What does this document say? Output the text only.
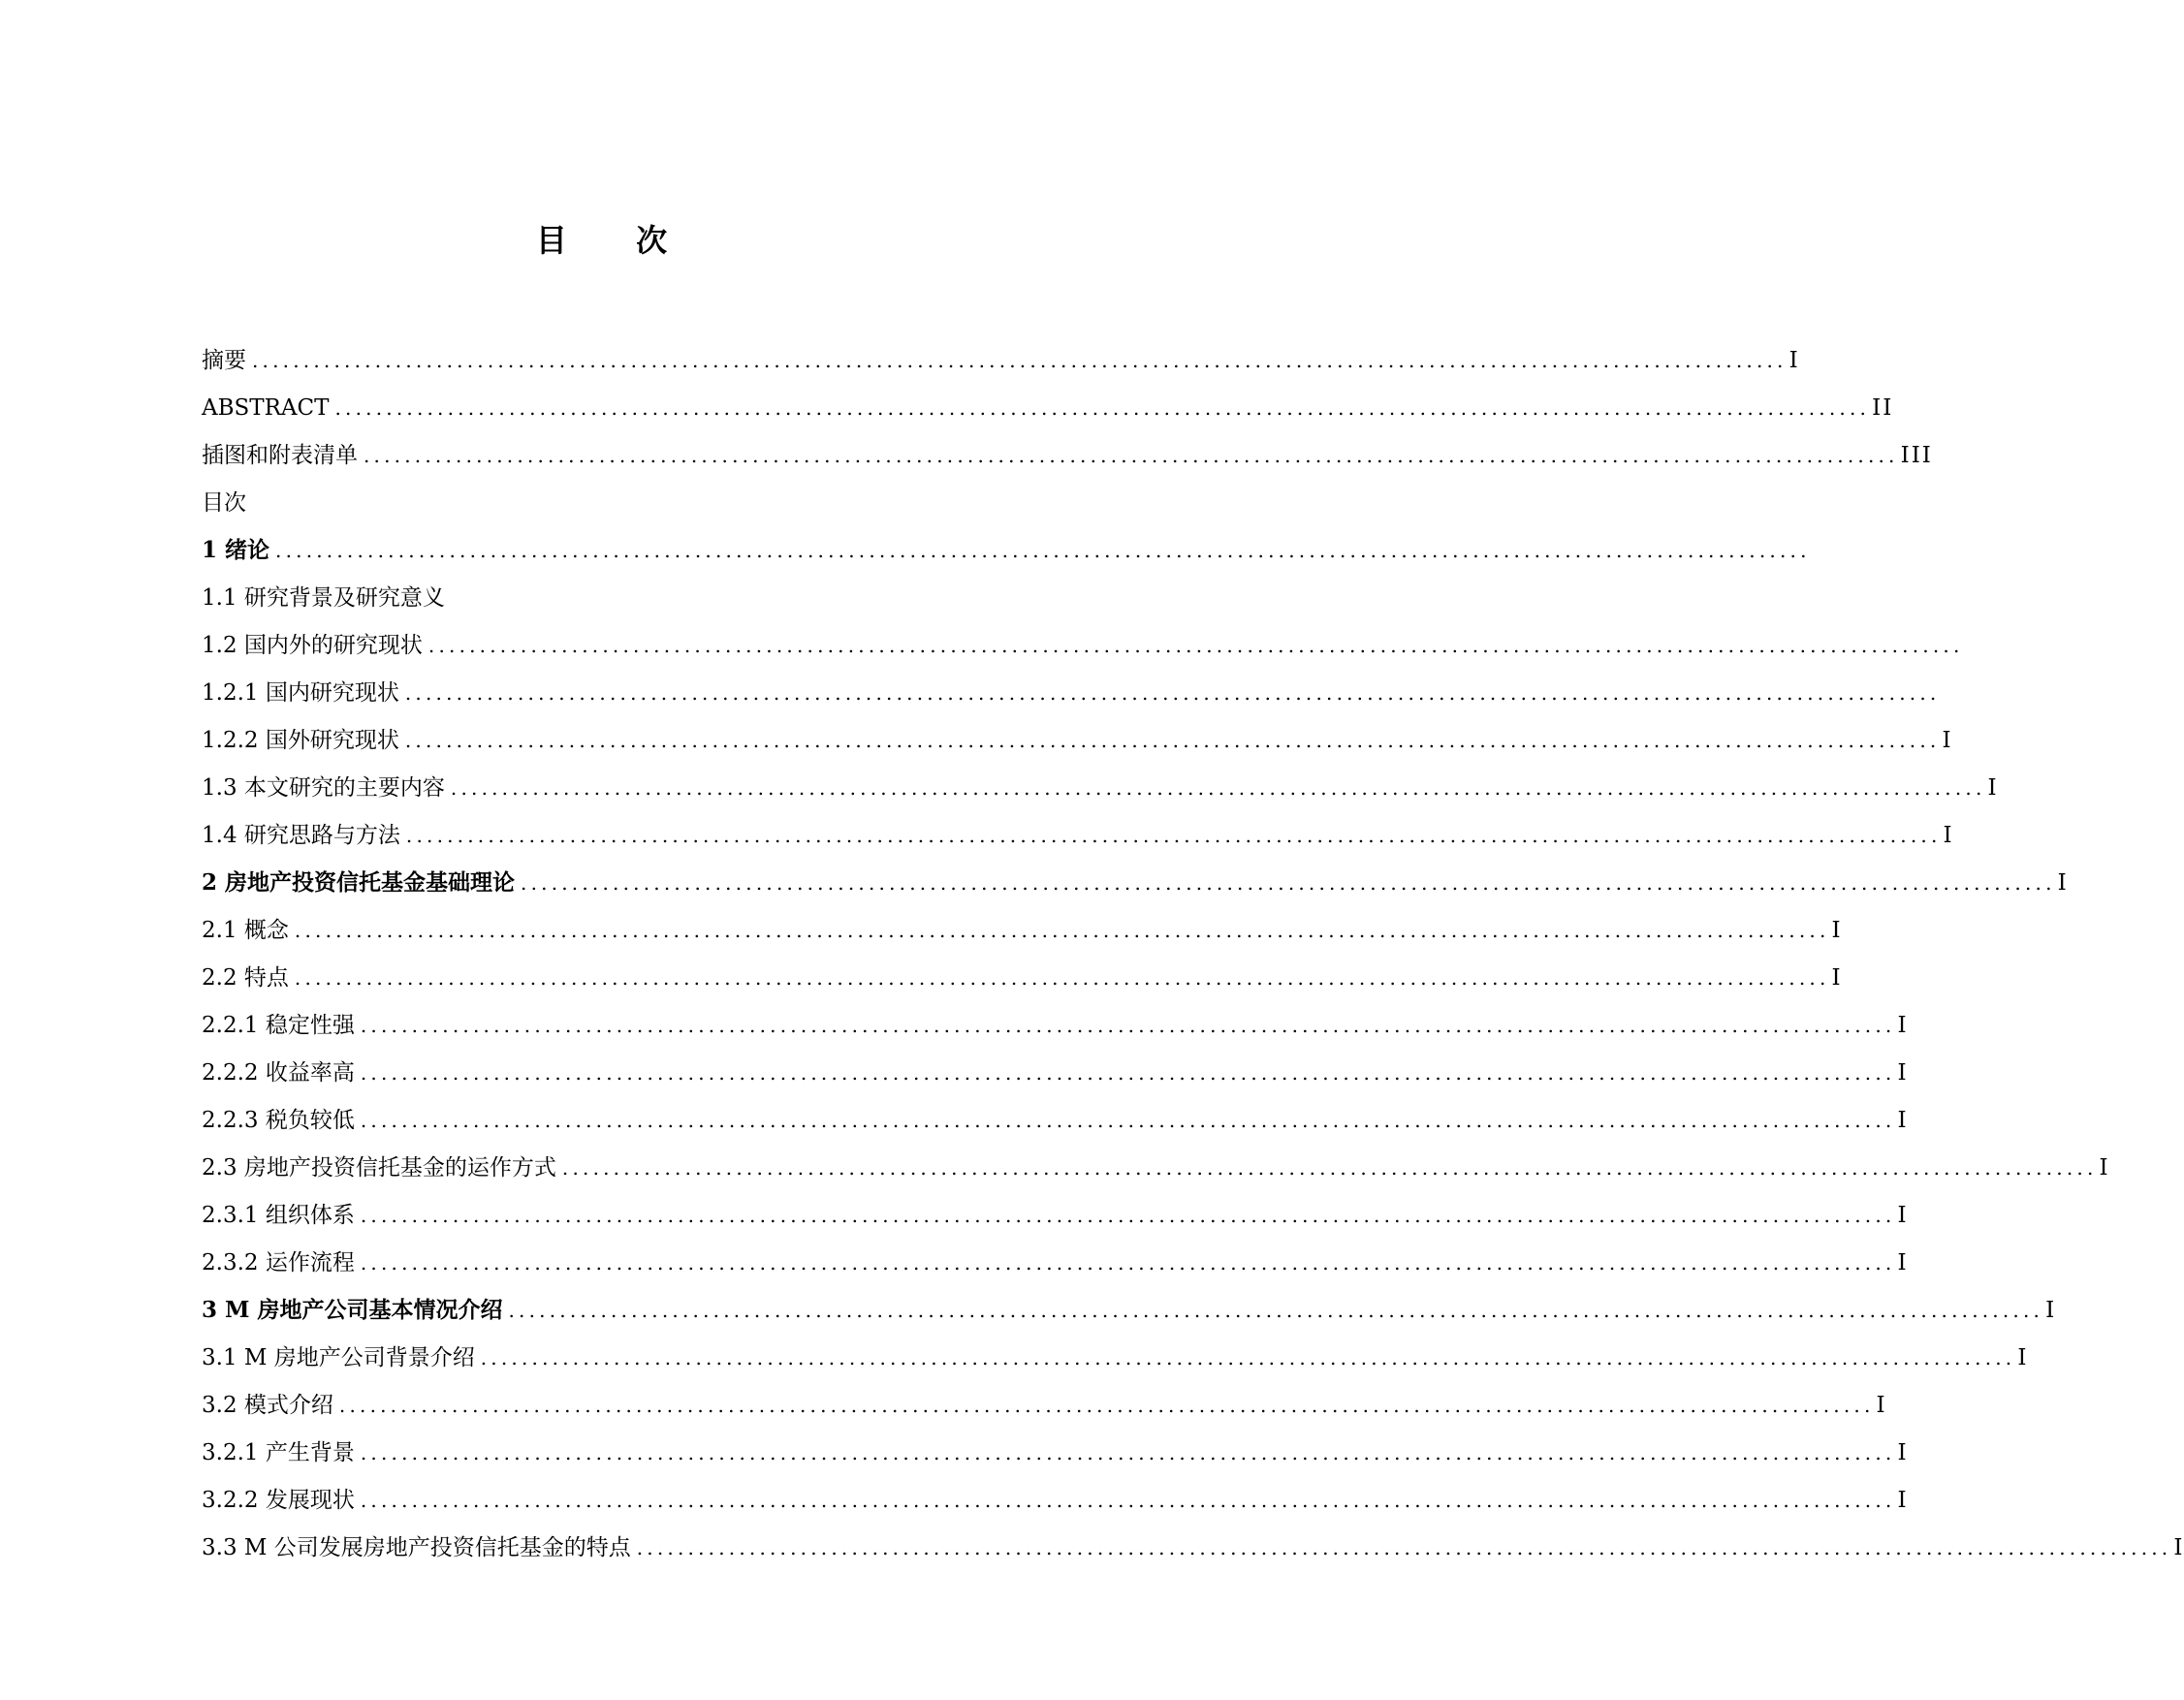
目 次
摘要 ...................................................................................................................................................... I
ABSTRACT ...................................................................................................................................................... II
插图和附表清单 ...................................................................................................................................................... III
目次
1 绪论 ......................................................................................................................................................
1.1 研究背景及研究意义
1.2 国内外的研究现状 ......................................................................................................................................................
1.2.1 国内研究现状 ......................................................................................................................................................
1.2.2 国外研究现状 ...................................................................................................................................................... I
1.3 本文研究的主要内容 ...................................................................................................................................................... I
1.4 研究思路与方法 ...................................................................................................................................................... I
2 房地产投资信托基金基础理论 ...................................................................................................................................................... I
2.1 概念 ...................................................................................................................................................... I
2.2 特点 ...................................................................................................................................................... I
2.2.1 稳定性强 ...................................................................................................................................................... I
2.2.2 收益率高 ...................................................................................................................................................... I
2.2.3 税负较低 ...................................................................................................................................................... I
2.3 房地产投资信托基金的运作方式 ...................................................................................................................................................... I
2.3.1 组织体系 ...................................................................................................................................................... I
2.3.2 运作流程 ...................................................................................................................................................... I
3 M 房地产公司基本情况介绍 ...................................................................................................................................................... I
3.1 M 房地产公司背景介绍 ...................................................................................................................................................... I
3.2 模式介绍 ...................................................................................................................................................... I
3.2.1 产生背景 ...................................................................................................................................................... I
3.2.2 发展现状 ...................................................................................................................................................... I
3.3 M 公司发展房地产投资信托基金的特点 ...................................................................................................................................................... I
